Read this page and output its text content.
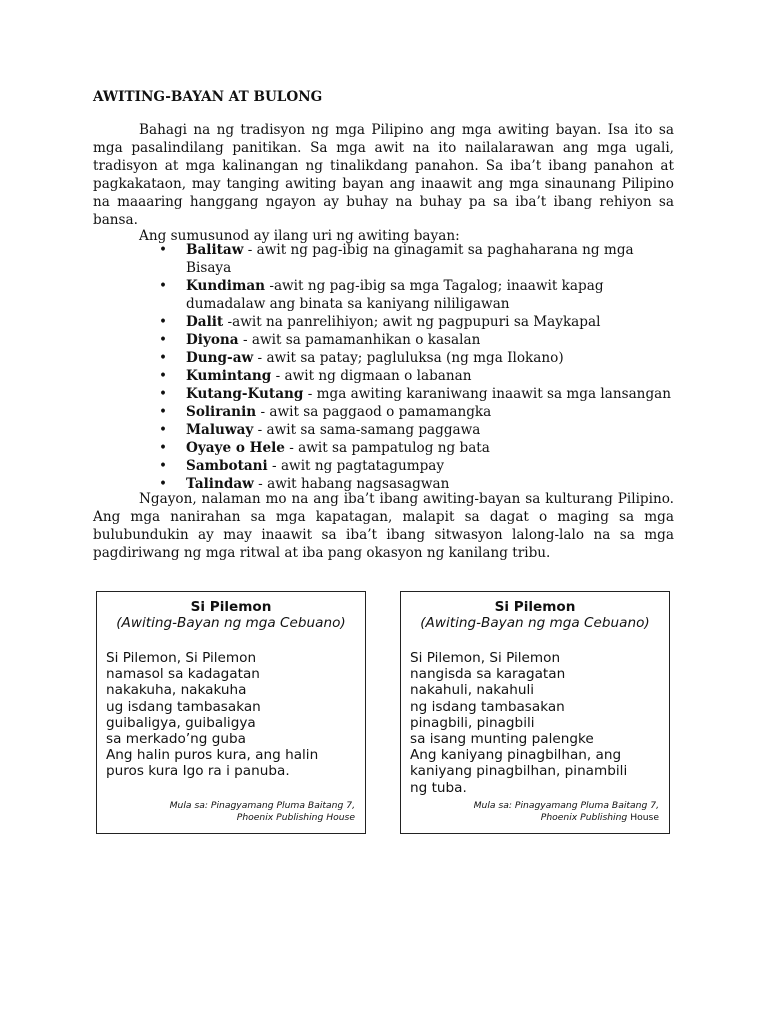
AWITING-BAYAN AT BULONG

Bahagi na ng tradisyon ng mga Pilipino ang mga awiting bayan. Isa ito sa mga pasalindilang panitikan. Sa mga awit na ito nailalarawan ang mga ugali, tradisyon at mga kalinangan ng tinalikdang panahon. Sa iba’t ibang panahon at pagkakataon, may tanging awiting bayan ang inaawit ang mga sinaunang Pilipino na maaaring hanggang ngayon ay buhay na buhay pa sa iba’t ibang rehiyon sa bansa.

Ang sumusunod ay ilang uri ng awiting bayan:

• Balitaw - awit ng pag-ibig na ginagamit sa paghaharana ng mga Bisaya
• Kundiman -awit ng pag-ibig sa mga Tagalog; inaawit kapag dumadalaw ang binata sa kaniyang nililigawan
• Dalit -awit na panrelihiyon; awit ng pagpupuri sa Maykapal
• Diyona - awit sa pamamanhikan o kasalan
• Dung-aw - awit sa patay; pagluluksa (ng mga Ilokano)
• Kumintang - awit ng digmaan o labanan
• Kutang-Kutang - mga awiting karaniwang inaawit sa mga lansangan
• Soliranin - awit sa paggaod o pamamangka
• Maluway - awit sa sama-samang paggawa
• Oyaye o Hele - awit sa pampatulog ng bata
• Sambotani - awit ng pagtatagumpay
• Talindaw - awit habang nagsasagwan

Ngayon, nalaman mo na ang iba’t ibang awiting-bayan sa kulturang Pilipino. Ang mga nanirahan sa mga kapatagan, malapit sa dagat o maging sa mga bulubundukin ay may inaawit sa iba’t ibang sitwasyon lalong-lalo na sa mga pagdiriwang ng mga ritwal at iba pang okasyon ng kanilang tribu.

Si Pilemon
(Awiting-Bayan ng mga Cebuano)
Si Pilemon, Si Pilemon
namasol sa kadagatan
nakakuha, nakakuha
ug isdang tambasakan
guibaligya, guibaligya
sa merkado’ng guba
Ang halin puros kura, ang halin
puros kura Igo ra i panuba.
Mula sa: Pinagyamang Pluma Baitang 7,
Phoenix Publishing House
Si Pilemon
(Awiting-Bayan ng mga Cebuano)
Si Pilemon, Si Pilemon
nangisda sa karagatan
nakahuli, nakahuli
ng isdang tambasakan
pinagbili, pinagbili
sa isang munting palengke
Ang kaniyang pinagbilhan, ang
kaniyang pinagbilhan, pinambili
ng tuba.
Mula sa: Pinagyamang Pluma Baitang 7,
Phoenix Publishing House
